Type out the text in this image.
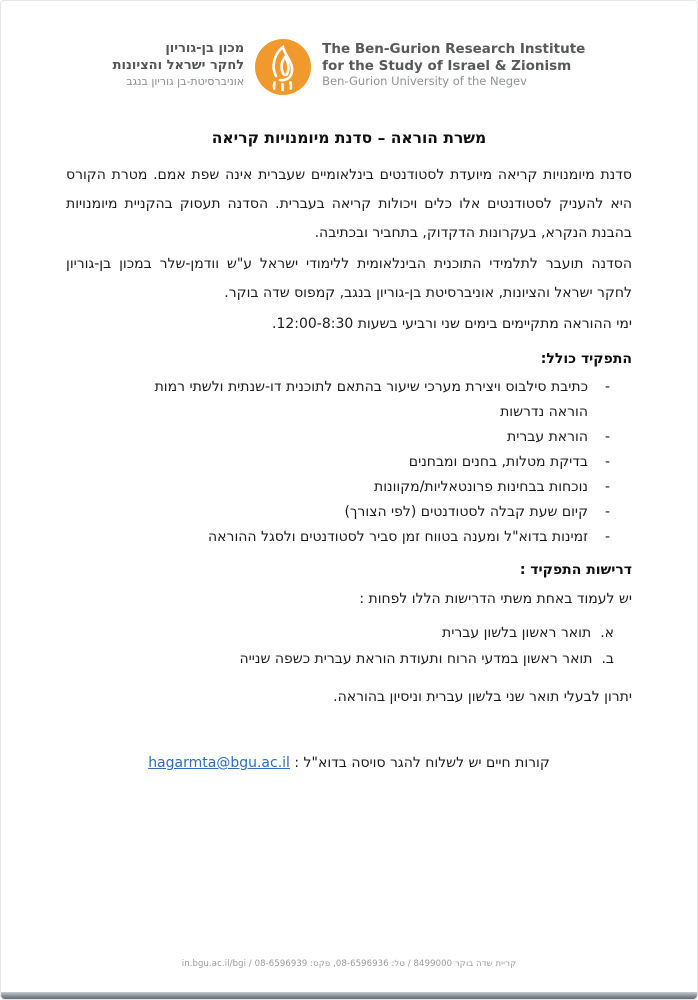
מכון בן-גוריון
לחקר ישראל והציונות
אוניברסיטת-בן גוריון בנגב
The Ben-Gurion Research Institute
for the Study of Israel & Zionism
Ben-Gurion University of the Negev
משרת הוראה – סדנת מיומנויות קריאה

סדנת מיומנויות קריאה מיועדת לסטודנטים בינלאומיים שעברית אינה שפת אמם. מטרת הקורס היא להעניק לסטודנטים אלו כלים ויכולות קריאה בעברית. הסדנה תעסוק בהקניית מיומנויות בהבנת הנקרא, בעקרונות הדקדוק, בתחביר ובכתיבה.

הסדנה תועבר לתלמידי התוכנית הבינלאומית ללימודי ישראל ע"ש וודמן-שלר במכון בן-גוריון לחקר ישראל והציונות, אוניברסיטת בן-גוריון בנגב, קמפוס שדה בוקר.

ימי ההוראה מתקיימים בימים שני ורביעי בשעות 12:00-8:30.

התפקיד כולל:
-
כתיבת סילבוס ויצירת מערכי שיעור בהתאם לתוכנית דו-שנתית ולשתי רמות הוראה נדרשות
-
הוראת עברית
-
בדיקת מטלות, בחנים ומבחנים
-
נוכחות בבחינות פרונטאליות/מקוונות
-
קיום שעת קבלה לסטודנטים (לפי הצורך)
-
זמינות בדוא"ל ומענה בטווח זמן סביר לסטודנטים ולסגל ההוראה
דרישות התפקיד :

יש לעמוד באחת משתי הדרישות הללו לפחות :

א.
תואר ראשון בלשון עברית
ב.
תואר ראשון במדעי הרוח ותעודת הוראת עברית כשפה שנייה

יתרון לבעלי תואר שני בלשון עברית וניסיון בהוראה.

קורות חיים יש לשלוח להגר סויסה בדוא"ל : hagarmta@bgu.ac.il
קריית שדה בוקר 8499000 / טל: 08-6596936, פקס: 08-6596939 / in.bgu.ac.il/bgi
